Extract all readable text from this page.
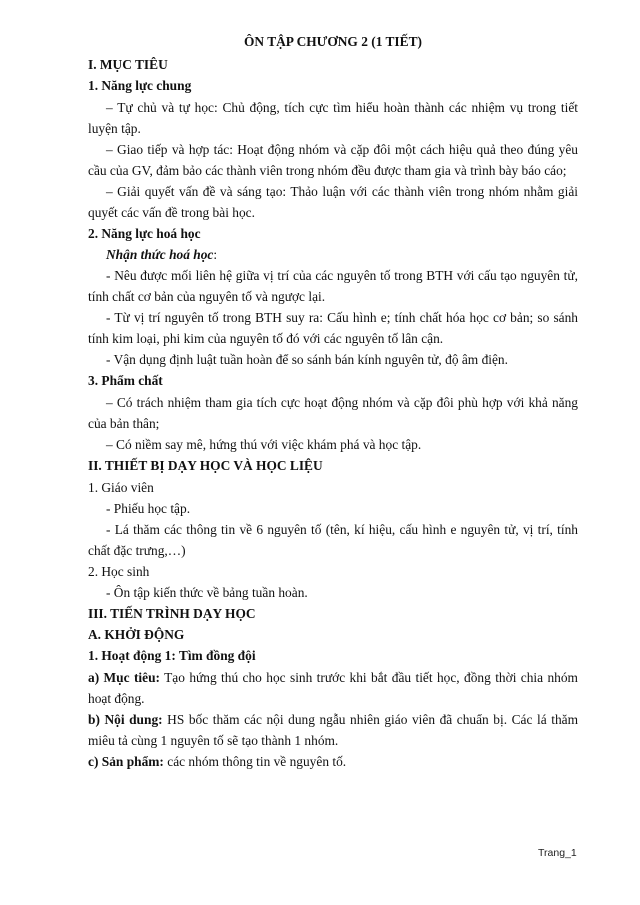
ÔN TẬP CHƯƠNG 2 (1 TIẾT)
I. MỤC TIÊU
1. Năng lực chung

– Tự chủ và tự học: Chủ động, tích cực tìm hiểu hoàn thành các nhiệm vụ trong tiết luyện tập.

– Giao tiếp và hợp tác: Hoạt động nhóm và cặp đôi một cách hiệu quả theo đúng yêu cầu của GV, đảm bảo các thành viên trong nhóm đều được tham gia và trình bày báo cáo;

– Giải quyết vấn đề và sáng tạo: Thảo luận với các thành viên trong nhóm nhằm giải quyết các vấn đề trong bài học.

2. Năng lực hoá học
Nhận thức hoá học:

- Nêu được mối liên hệ giữa vị trí của các nguyên tố trong BTH với cấu tạo nguyên tử, tính chất cơ bản của nguyên tố và ngược lại.

- Từ vị trí nguyên tố trong BTH suy ra: Cấu hình e; tính chất hóa học cơ bản; so sánh tính kim loại, phi kim của nguyên tố đó với các nguyên tố lân cận.

- Vận dụng định luật tuần hoàn để so sánh bán kính nguyên tử, độ âm điện.

3. Phẩm chất

– Có trách nhiệm tham gia tích cực hoạt động nhóm và cặp đôi phù hợp với khả năng của bản thân;

– Có niềm say mê, hứng thú với việc khám phá và học tập.

II. THIẾT BỊ DẠY HỌC VÀ HỌC LIỆU

1. Giáo viên

- Phiếu học tập.

- Lá thăm các thông tin về 6 nguyên tố (tên, kí hiệu, cấu hình e nguyên tử, vị trí, tính chất đặc trưng,…)

2. Học sinh

- Ôn tập kiến thức về bảng tuần hoàn.

III. TIẾN TRÌNH DẠY HỌC
A. KHỞI ĐỘNG
1. Hoạt động 1: Tìm đồng đội

a) Mục tiêu: Tạo hứng thú cho học sinh trước khi bắt đầu tiết học, đồng thời chia nhóm hoạt động.

b) Nội dung: HS bốc thăm các nội dung ngẫu nhiên giáo viên đã chuẩn bị. Các lá thăm miêu tả cùng 1 nguyên tố sẽ tạo thành 1 nhóm.

c) Sản phẩm: các nhóm thông tin về nguyên tố.

Trang_1
